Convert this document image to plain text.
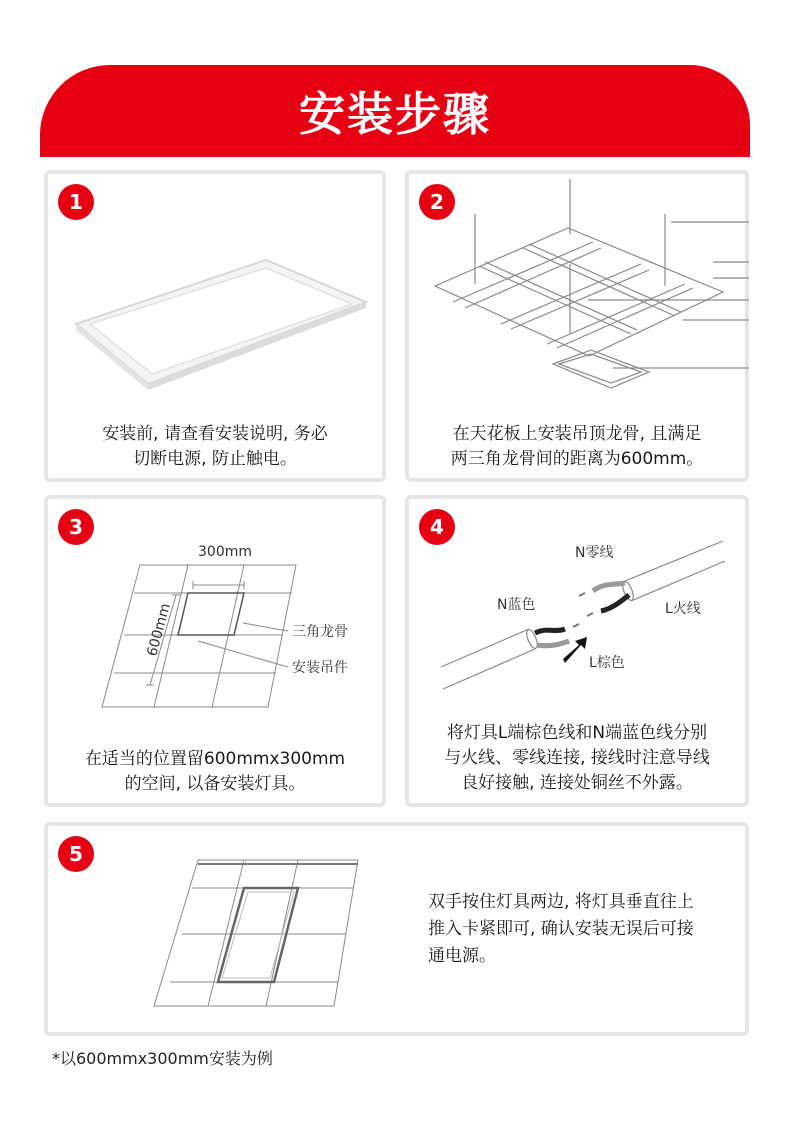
安装步骤
1
安装前, 请查看安装说明, 务必
切断电源, 防止触电。
2
在天花板上安装吊顶龙骨, 且满足
两三角龙骨间的距离为600mm。
3
300mm
600mm	三角龙骨
安装吊件
在适当的位置留600mmx300mm
的空间, 以备安装灯具。
4
N零线
N蓝色	L火线
L棕色
将灯具L端棕色线和N端蓝色线分别
与火线、零线连接, 接线时注意导线
良好接触, 连接处铜丝不外露。
5
双手按住灯具两边, 将灯具垂直往上
推入卡紧即可, 确认安装无误后可接
通电源。
*以600mmx300mm安装为例
